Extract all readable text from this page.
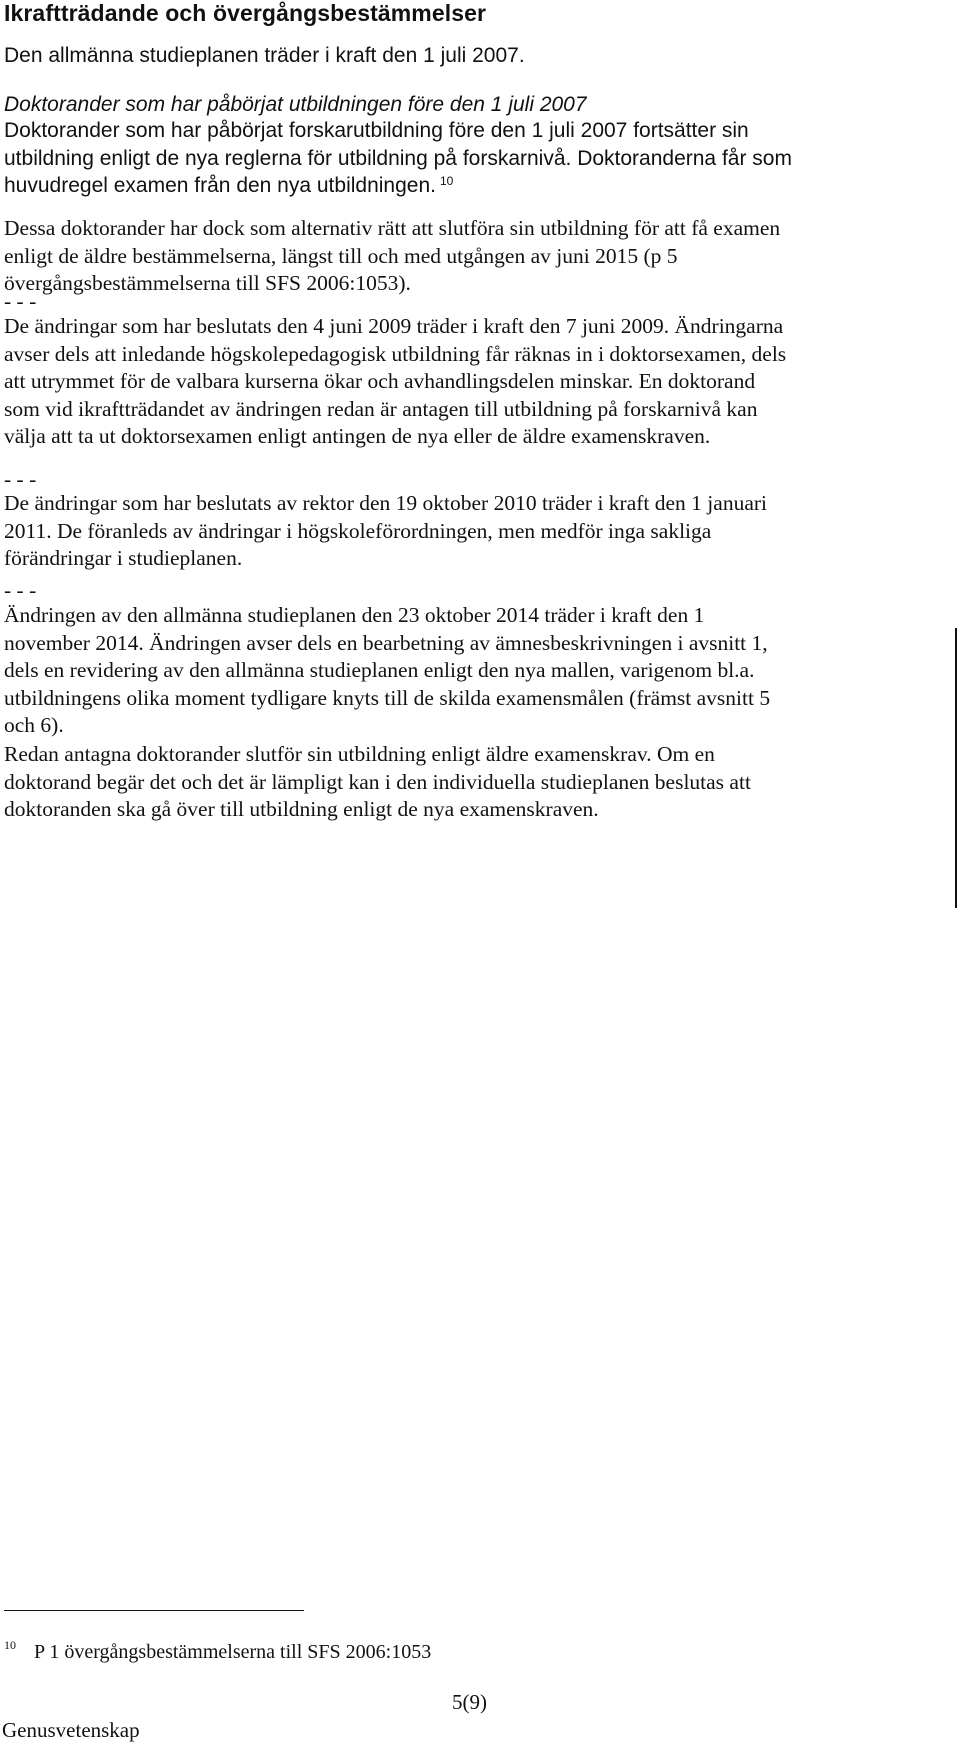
Ikraftträdande och övergångsbestämmelser
Den allmänna studieplanen träder i kraft den 1 juli 2007.
Doktorander som har påbörjat utbildningen före den 1 juli 2007
Doktorander som har påbörjat forskarutbildning före den 1 juli 2007 fortsätter sin
utbildning enligt de nya reglerna för utbildning på forskarnivå. Doktoranderna får som
huvudregel examen från den nya utbildningen. $^{10}$
Dessa doktorander har dock som alternativ rätt att slutföra sin utbildning för att få examen
enligt de äldre bestämmelserna, längst till och med utgången av juni 2015 (p 5
övergångsbestämmelserna till SFS 2006:1053).
- - -
De ändringar som har beslutats den 4 juni 2009 träder i kraft den 7 juni 2009. Ändringarna
avser dels att inledande högskolepedagogisk utbildning får räknas in i doktorsexamen, dels
att utrymmet för de valbara kurserna ökar och avhandlingsdelen minskar. En doktorand
som vid ikraftträdandet av ändringen redan är antagen till utbildning på forskarnivå kan
välja att ta ut doktorsexamen enligt antingen de nya eller de äldre examenskraven.
- - -
De ändringar som har beslutats av rektor den 19 oktober 2010 träder i kraft den 1 januari
2011. De föranleds av ändringar i högskoleförordningen, men medför inga sakliga
förändringar i studieplanen.
- - -
Ändringen av den allmänna studieplanen den 23 oktober 2014 träder i kraft den 1
november 2014. Ändringen avser dels en bearbetning av ämnesbeskrivningen i avsnitt 1,
dels en revidering av den allmänna studieplanen enligt den nya mallen, varigenom bl.a.
utbildningens olika moment tydligare knyts till de skilda examensmålen (främst avsnitt 5
och 6).
Redan antagna doktorander slutför sin utbildning enligt äldre examenskrav. Om en
doktorand begär det och det är lämpligt kan i den individuella studieplanen beslutas att
doktoranden ska gå över till utbildning enligt de nya examenskraven.
$^{10}$ P 1 övergångsbestämmelserna till SFS 2006:1053
5(9)
Genusvetenskap
